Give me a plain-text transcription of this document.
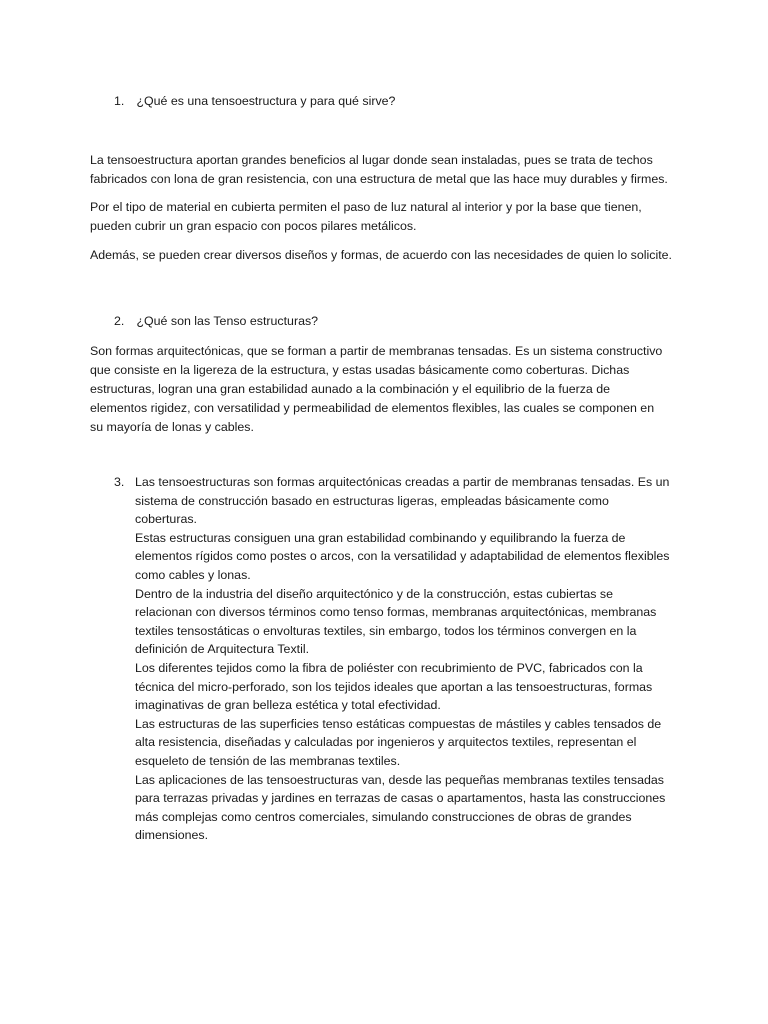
1. ¿Qué es una tensoestructura y para qué sirve?

La tensoestructura aportan grandes beneficios al lugar donde sean instaladas, pues se trata de techos
fabricados con lona de gran resistencia, con una estructura de metal que las hace muy durables y firmes.

Por el tipo de material en cubierta permiten el paso de luz natural al interior y por la base que tienen,
pueden cubrir un gran espacio con pocos pilares metálicos.

Además, se pueden crear diversos diseños y formas, de acuerdo con las necesidades de quien lo solicite.

2. ¿Qué son las Tenso estructuras?

Son formas arquitectónicas, que se forman a partir de membranas tensadas. Es un sistema constructivo
que consiste en la ligereza de la estructura, y estas usadas básicamente como coberturas. Dichas
estructuras, logran una gran estabilidad aunado a la combinación y el equilibrio de la fuerza de
elementos rigidez, con versatilidad y permeabilidad de elementos flexibles, las cuales se componen en
su mayoría de lonas y cables.

3. Las tensoestructuras son formas arquitectónicas creadas a partir de membranas tensadas. Es un
sistema de construcción basado en estructuras ligeras, empleadas básicamente como
coberturas.
Estas estructuras consiguen una gran estabilidad combinando y equilibrando la fuerza de
elementos rígidos como postes o arcos, con la versatilidad y adaptabilidad de elementos flexibles
como cables y lonas.
Dentro de la industria del diseño arquitectónico y de la construcción, estas cubiertas se
relacionan con diversos términos como tenso formas, membranas arquitectónicas, membranas
textiles tensostáticas o envolturas textiles, sin embargo, todos los términos convergen en la
definición de Arquitectura Textil.
Los diferentes tejidos como la fibra de poliéster con recubrimiento de PVC, fabricados con la
técnica del micro-perforado, son los tejidos ideales que aportan a las tensoestructuras, formas
imaginativas de gran belleza estética y total efectividad.
Las estructuras de las superficies tenso estáticas compuestas de mástiles y cables tensados de
alta resistencia, diseñadas y calculadas por ingenieros y arquitectos textiles, representan el
esqueleto de tensión de las membranas textiles.
Las aplicaciones de las tensoestructuras van, desde las pequeñas membranas textiles tensadas
para terrazas privadas y jardines en terrazas de casas o apartamentos, hasta las construcciones
más complejas como centros comerciales, simulando construcciones de obras de grandes
dimensiones.
